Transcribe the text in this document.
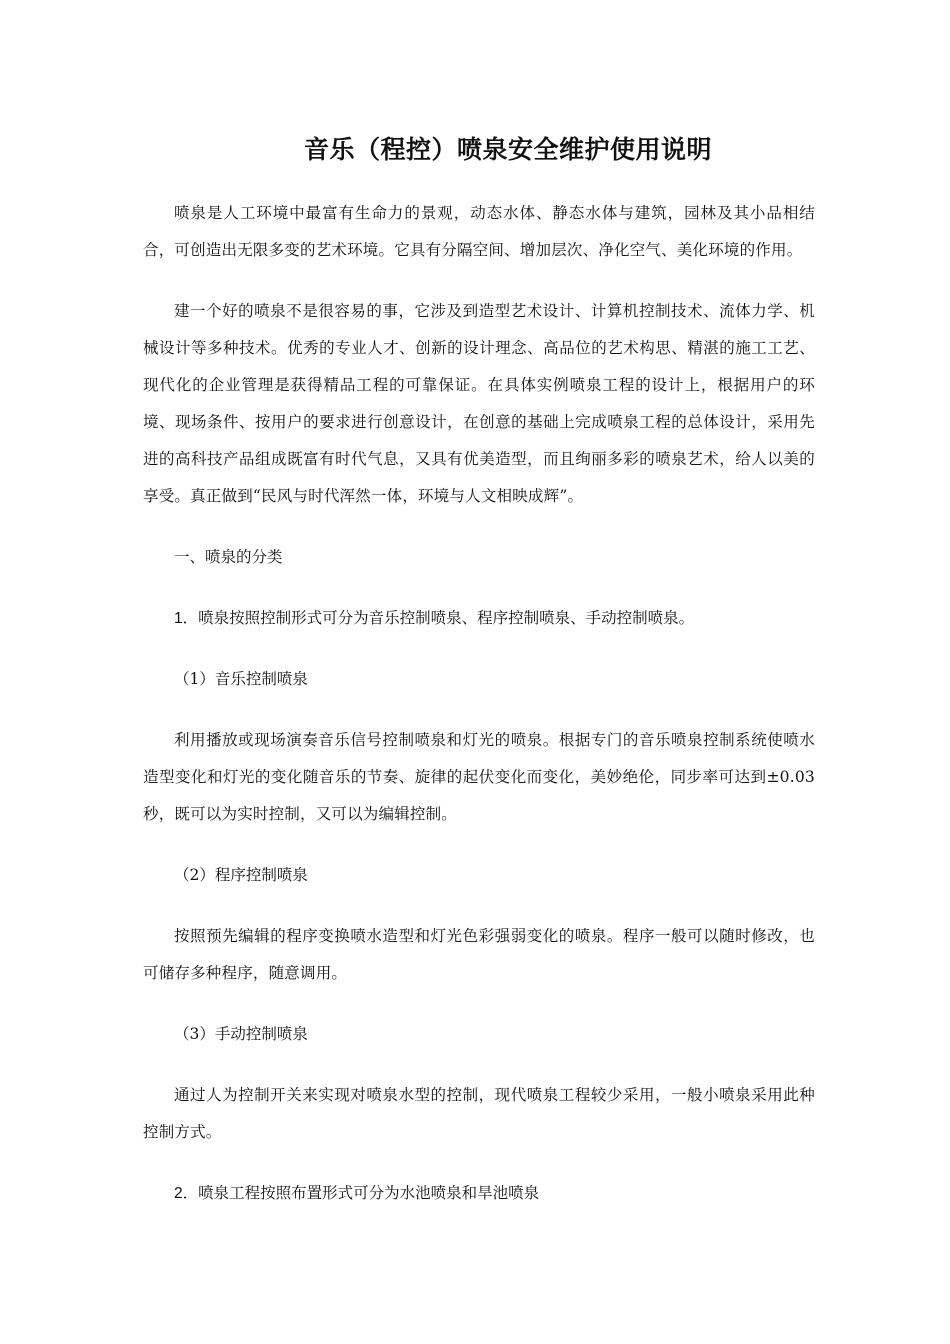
音乐（程控）喷泉安全维护使用说明

喷泉是人工环境中最富有生命力的景观，动态水体、静态水体与建筑，园林及其小品相结合，可创造出无限多变的艺术环境。它具有分隔空间、增加层次、净化空气、美化环境的作用。

建一个好的喷泉不是很容易的事，它涉及到造型艺术设计、计算机控制技术、流体力学、机械设计等多种技术。优秀的专业人才、创新的设计理念、高品位的艺术构思、精湛的施工工艺、现代化的企业管理是获得精品工程的可靠保证。在具体实例喷泉工程的设计上，根据用户的环境、现场条件、按用户的要求进行创意设计，在创意的基础上完成喷泉工程的总体设计，采用先进的高科技产品组成既富有时代气息，又具有优美造型，而且绚丽多彩的喷泉艺术，给人以美的享受。真正做到“民风与时代浑然一体，环境与人文相映成辉”。

一、喷泉的分类

1．喷泉按照控制形式可分为音乐控制喷泉、程序控制喷泉、手动控制喷泉。

（1）音乐控制喷泉

利用播放或现场演奏音乐信号控制喷泉和灯光的喷泉。根据专门的音乐喷泉控制系统使喷水造型变化和灯光的变化随音乐的节奏、旋律的起伏变化而变化，美妙绝伦，同步率可达到±0.03秒，既可以为实时控制，又可以为编辑控制。

（2）程序控制喷泉

按照预先编辑的程序变换喷水造型和灯光色彩强弱变化的喷泉。程序一般可以随时修改，也可储存多种程序，随意调用。

（3）手动控制喷泉

通过人为控制开关来实现对喷泉水型的控制，现代喷泉工程较少采用，一般小喷泉采用此种控制方式。

2．喷泉工程按照布置形式可分为水池喷泉和旱池喷泉
